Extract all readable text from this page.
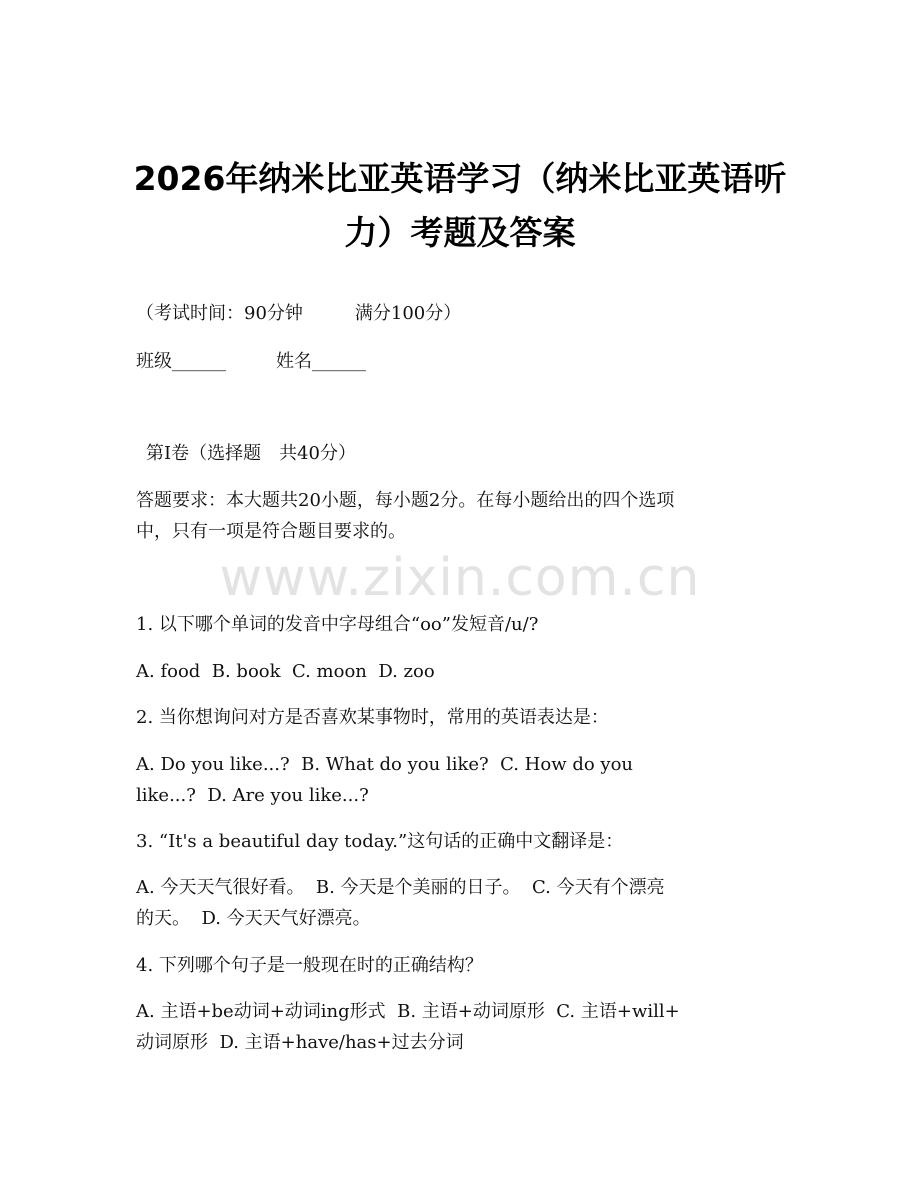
2026年纳米比亚英语学习（纳米比亚英语听
力）考题及答案
（考试时间：90分钟	满分100分）
班级______	姓名______
第Ⅰ卷（选择题　共40分）
答题要求：本大题共20小题，每小题2分。在每小题给出的四个选项
中，只有一项是符合题目要求的。
www.zixin.com.cn
1. 以下哪个单词的发音中字母组合“oo”发短音/u/?
A. food  B. book  C. moon  D. zoo
2. 当你想询问对方是否喜欢某事物时，常用的英语表达是：
A. Do you like...?  B. What do you like?  C. How do you
like...?  D. Are you like...?
3. “It's a beautiful day today.”这句话的正确中文翻译是：
A. 今天天气很好看。  B. 今天是个美丽的日子。  C. 今天有个漂亮
的天。  D. 今天天气好漂亮。
4. 下列哪个句子是一般现在时的正确结构？
A. 主语+be动词+动词ing形式  B. 主语+动词原形  C. 主语+will+
动词原形  D. 主语+have/has+过去分词
